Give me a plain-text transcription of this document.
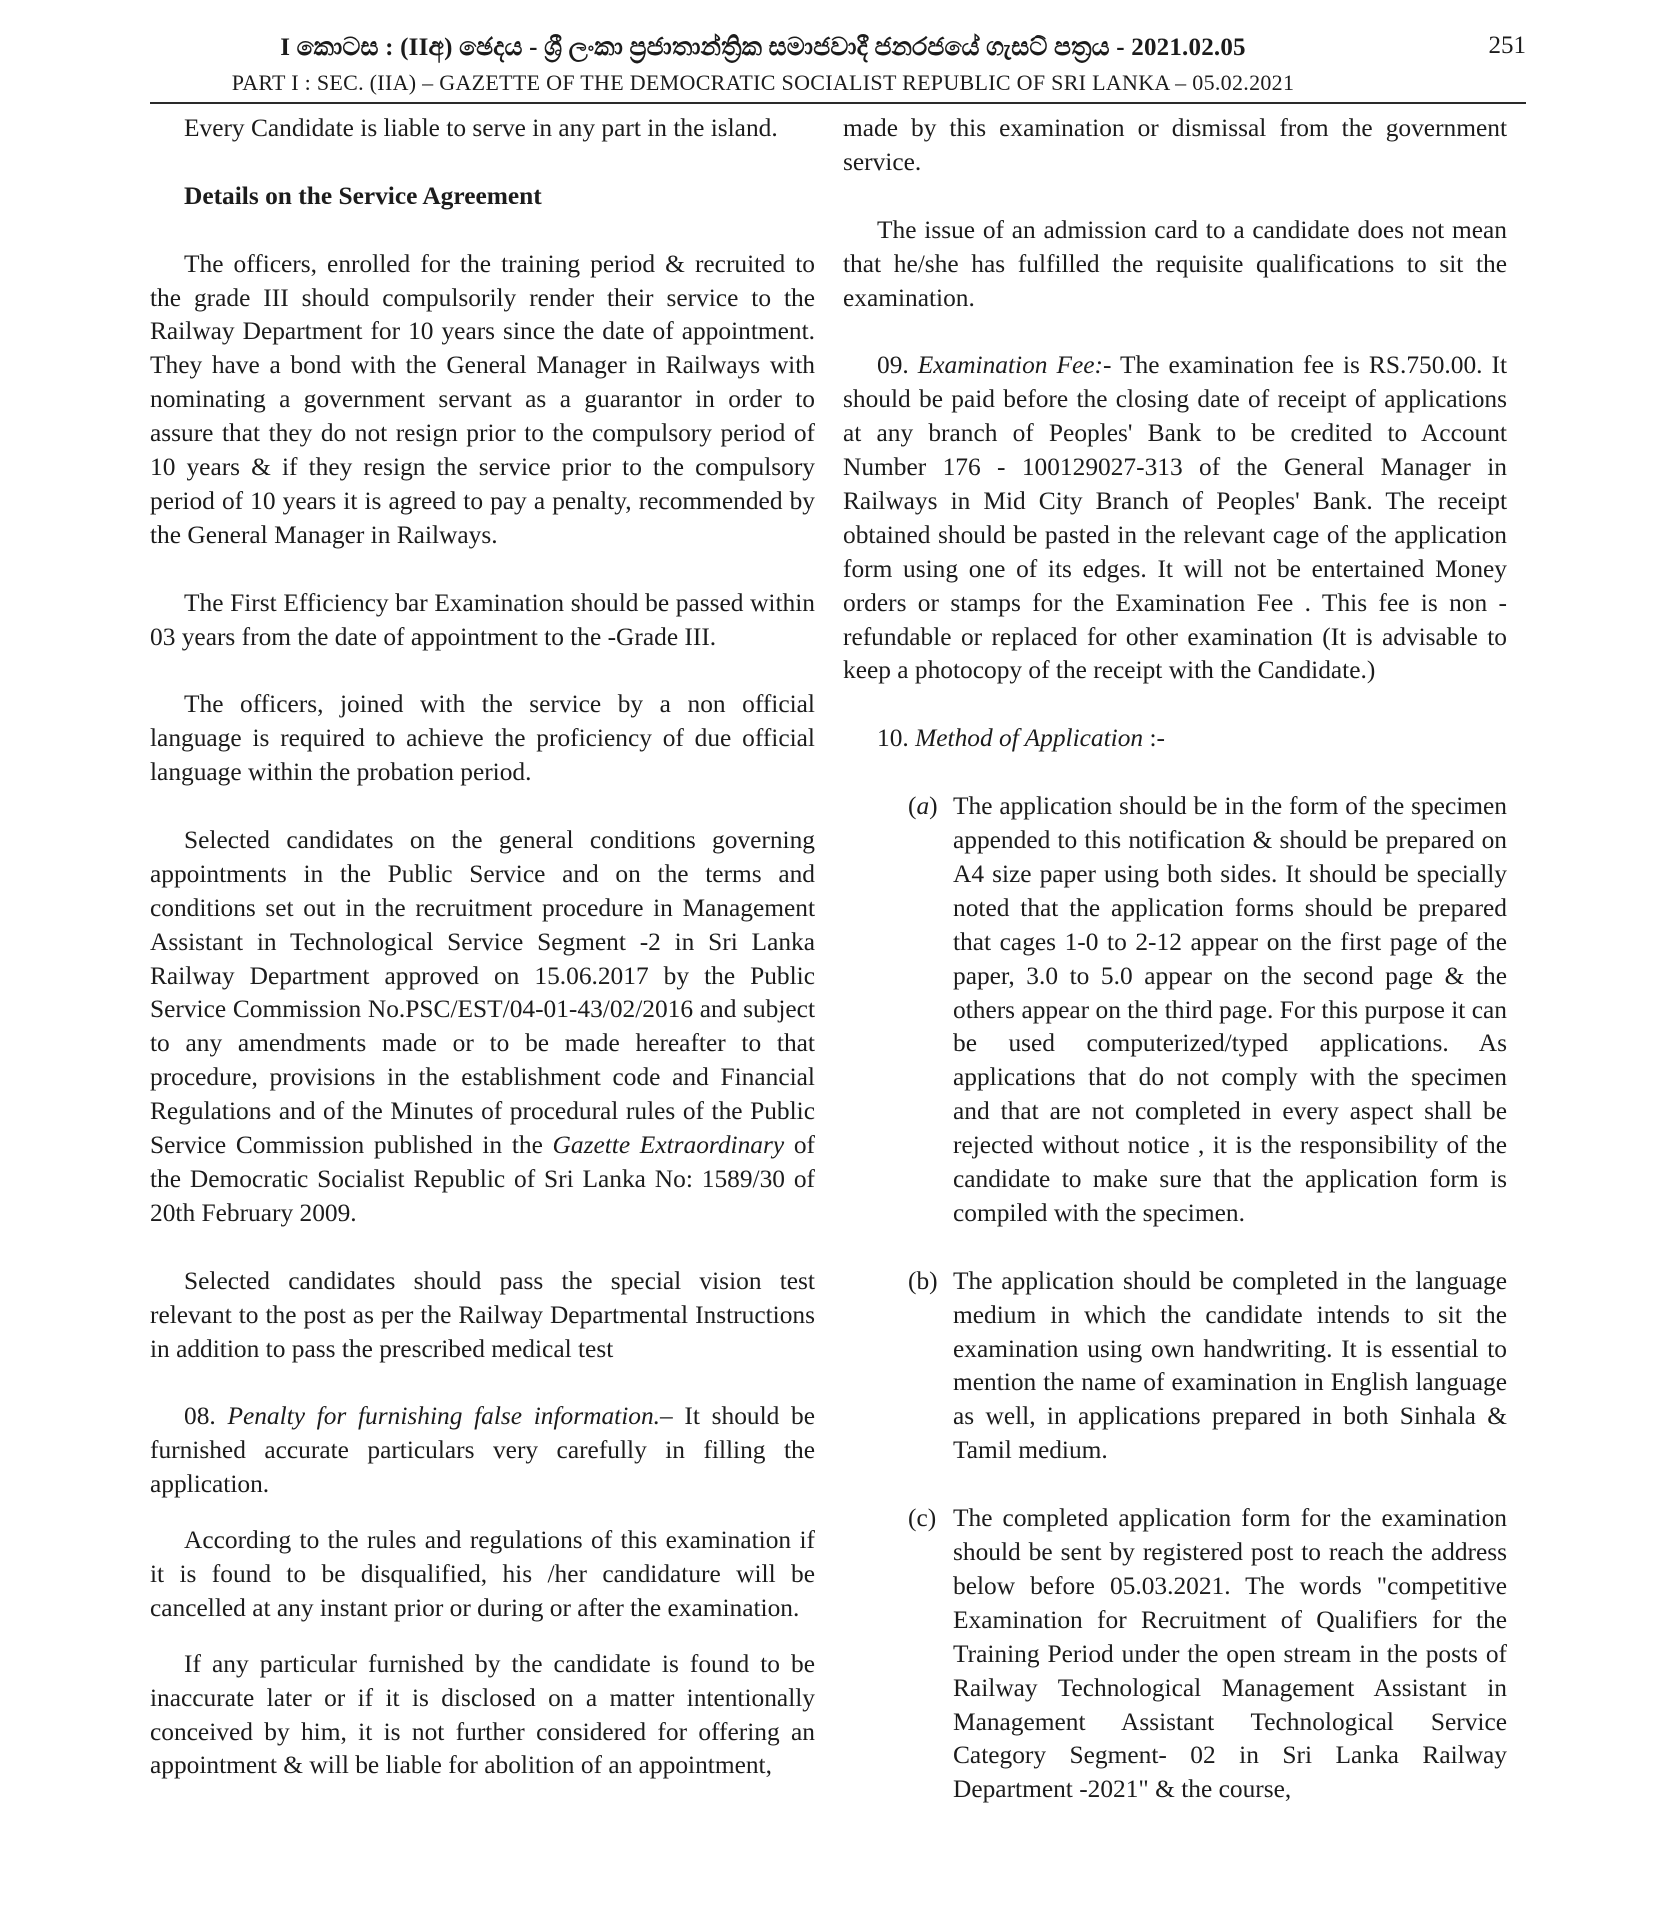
I කොටස : (IIඅ) ඡෙදය - ශ්‍රී ලංකා ප්‍රජාතාන්ත්‍රික සමාජවාදී ජනරජයේ ගැසට් පත්‍රය - 2021.02.05
PART I : SEC. (IIA) – GAZETTE OF THE DEMOCRATIC SOCIALIST REPUBLIC OF SRI LANKA – 05.02.2021
251

Every Candidate is liable to serve in any part in the island.

Details on the Service Agreement

The officers, enrolled for the training period & recruited to the grade III should compulsorily render their service to the Railway Department for 10 years since the date of appointment. They have a bond with the General Manager in Railways with nominating a government servant as a guarantor in order to assure that they do not resign prior to the compulsory period of 10 years & if they resign the service prior to the compulsory period of 10 years it is agreed to pay a penalty, recommended by the General Manager in Railways.

The First Efficiency bar Examination should be passed within 03 years from the date of appointment to the -Grade III.

The officers, joined with the service by a non official language is required to achieve the proficiency of due official language within the probation period.

Selected candidates on the general conditions governing appointments in the Public Service and on the terms and conditions set out in the recruitment procedure in Management Assistant in Technological Service Segment -2 in Sri Lanka Railway Department approved on 15.06.2017 by the Public Service Commission No.PSC/EST/04-01-43/02/2016 and subject to any amendments made or to be made hereafter to that procedure, provisions in the establishment code and Financial Regulations and of the Minutes of procedural rules of the Public Service Commission published in the Gazette Extraordinary of the Democratic Socialist Republic of Sri Lanka No: 1589/30 of 20th February 2009.

Selected candidates should pass the special vision test relevant to the post as per the Railway Departmental Instructions in addition to pass the prescribed medical test

08. Penalty for furnishing false information.– It should be furnished accurate particulars very carefully in filling the application.

According to the rules and regulations of this examination if it is found to be disqualified, his /her candidature will be cancelled at any instant prior or during or after the examination.

If any particular furnished by the candidate is found to be inaccurate later or if it is disclosed on a matter intentionally conceived by him, it is not further considered for offering an appointment & will be liable for abolition of an appointment,

made by this examination or dismissal from the government service.

The issue of an admission card to a candidate does not mean that he/she has fulfilled the requisite qualifications to sit the examination.

09. Examination Fee:- The examination fee is RS.750.00. It should be paid before the closing date of receipt of applications at any branch of Peoples' Bank to be credited to Account Number 176 - 100129027-313 of the General Manager in Railways in Mid City Branch of Peoples' Bank. The receipt obtained should be pasted in the relevant cage of the application form using one of its edges. It will not be entertained Money orders or stamps for the Examination Fee . This fee is non - refundable or replaced for other examination (It is advisable to keep a photocopy of the receipt with the Candidate.)

10. Method of Application :-

(a) The application should be in the form of the specimen appended to this notification & should be prepared on A4 size paper using both sides. It should be specially noted that the application forms should be prepared that cages 1-0 to 2-12 appear on the first page of the paper, 3.0 to 5.0 appear on the second page & the others appear on the third page. For this purpose it can be used computerized/typed applications. As applications that do not comply with the specimen and that are not completed in every aspect shall be rejected without notice , it is the responsibility of the candidate to make sure that the application form is compiled with the specimen.
(b) The application should be completed in the language medium in which the candidate intends to sit the examination using own handwriting. It is essential to mention the name of examination in English language as well, in applications prepared in both Sinhala & Tamil medium.
(c) The completed application form for the examination should be sent by registered post to reach the address below before 05.03.2021. The words "competitive Examination for Recruitment of Qualifiers for the Training Period under the open stream in the posts of Railway Technological Management Assistant in Management Assistant Technological Service Category Segment- 02 in Sri Lanka Railway Department -2021" & the course,
